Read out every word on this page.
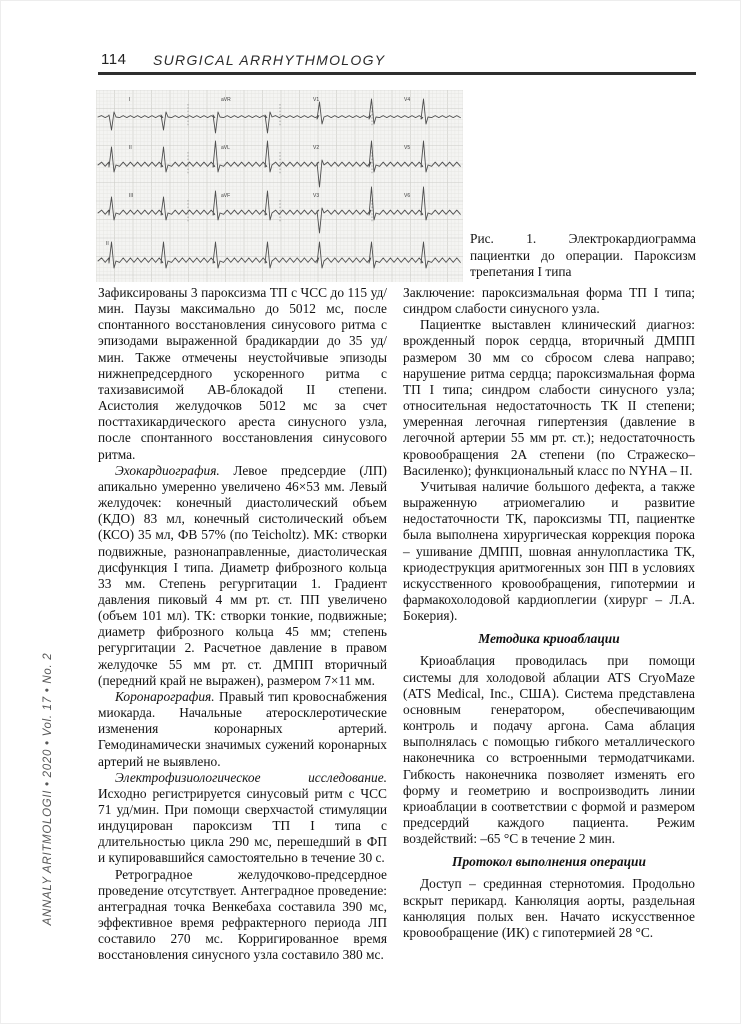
114 SURGICAL ARRHYTHMOLOGY
ANNALY ARITMOLOGII • 2020 • Vol. 17 • No. 2
I	aVR	V1	V4
II	aVL	V2	V5
III	aVF	V3	V6
II	Рис. 1. Электрокардиограмма пациентки до операции. Пароксизм трепетания I типа

Зафиксированы 3 пароксизма ТП с ЧСС до 115 уд/мин. Паузы максимально до 5012 мс, после спонтанного восстановления синусового ритма с эпизодами выраженной брадикардии до 35 уд/мин. Также отмечены неустойчивые эпизоды нижнепредсердного ускоренного ритма с тахизависимой АВ-блокадой II степени. Асистолия желудочков 5012 мс за счет посттахикардического ареста синусного узла, после спонтанного восстановления синусового ритма.

Эхокардиография. Левое предсердие (ЛП) апикально умеренно увеличено 46×53 мм. Левый желудочек: конечный диастолический объем (КДО) 83 мл, конечный систолический объем (КСО) 35 мл, ФВ 57% (по Teicholtz). МК: створки подвижные, разнонаправленные, диастолическая дисфункция I типа. Диаметр фиброзного кольца 33 мм. Степень регургитации 1. Градиент давления пиковый 4 мм рт. ст. ПП увеличено (объем 101 мл). ТК: створки тонкие, подвижные; диаметр фиброзного кольца 45 мм; степень регургитации 2. Расчетное давление в правом желудочке 55 мм рт. ст. ДМПП вторичный (передний край не выражен), размером 7×11 мм.

Коронарография. Правый тип кровоснабжения миокарда. Начальные атеросклеротические изменения коронарных артерий. Гемодинамически значимых сужений коронарных артерий не выявлено.

Электрофизиологическое исследование. Исходно регистрируется синусовый ритм с ЧСС 71 уд/мин. При помощи сверхчастой стимуляции индуцирован пароксизм ТП I типа с длительностью цикла 290 мс, перешедший в ФП и купировавшийся самостоятельно в течение 30 с.

Ретроградное желудочково-предсердное проведение отсутствует. Антеградное проведение: антеградная точка Венкебаха составила 390 мс, эффективное время рефрактерного периода ЛП составило 270 мс. Корригированное время восстановления синусного узла составило 380 мс.

Заключение: пароксизмальная форма ТП I типа; синдром слабости синусного узла.

Пациентке выставлен клинический диагноз: врожденный порок сердца, вторичный ДМПП размером 30 мм со сбросом слева направо; нарушение ритма сердца; пароксизмальная форма ТП I типа; синдром слабости синусного узла; относительная недостаточность ТК II степени; умеренная легочная гипертензия (давление в легочной артерии 55 мм рт. ст.); недостаточность кровообращения 2А степени (по Стражеско–Василенко); функциональный класс по NYHA – II.

Учитывая наличие большого дефекта, а также выраженную атриомегалию и развитие недостаточности ТК, пароксизмы ТП, пациентке была выполнена хирургическая коррекция порока – ушивание ДМПП, шовная аннулопластика ТК, криодеструкция аритмогенных зон ПП в условиях искусственного кровообращения, гипотермии и фармакохолодовой кардиоплегии (хирург – Л.А. Бокерия).

Методика криоаблации

Криоаблация проводилась при помощи системы для холодовой аблации ATS CryoMaze (ATS Medical, Inc., США). Система представлена основным генератором, обеспечивающим контроль и подачу аргона. Сама аблация выполнялась с помощью гибкого металлического наконечника со встроенными термодатчиками. Гибкость наконечника позволяет изменять его форму и геометрию и воспроизводить линии криоаблации в соответствии с формой и размером предсердий каждого пациента. Режим воздействий: –65 °С в течение 2 мин.

Протокол выполнения операции

Доступ – срединная стернотомия. Продольно вскрыт перикард. Канюляция аорты, раздельная канюляция полых вен. Начато искусственное кровообращение (ИК) с гипотермией 28 °С.
